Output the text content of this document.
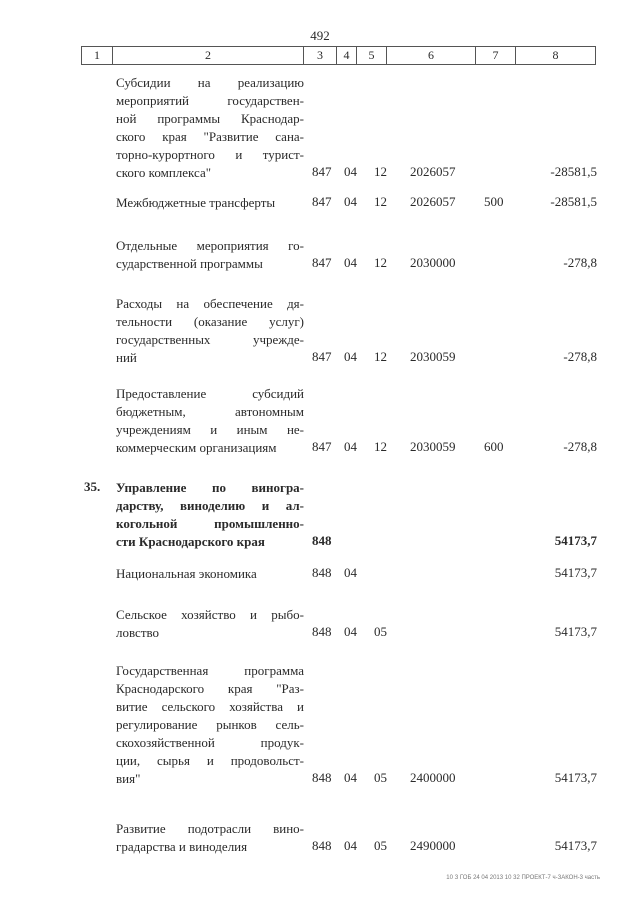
492
1	2	3	4	5	6	7	8
Субсидии на реализацию
мероприятий государствен-
ной программы Краснодар-
ского края "Развитие сана-
торно-курортного и турист-
ского комплекса"	847 04 12 2026057	-28581,5
Межбюджетные трансферты	847 04 12 2026057 500	-28581,5
Отдельные мероприятия го-
сударственной программы	847 04 12 2030000	-278,8
Расходы на обеспечение дя-
тельности (оказание услуг)
государственных учрежде-
ний	847 04 12 2030059	-278,8
Предоставление субсидий
бюджетным, автономным
учреждениям и иным не-
коммерческим организациям	847 04 12 2030059 600	-278,8
35.	Управление по виногра-
дарству, виноделию и ал-
когольной промышленно-
сти Краснодарского края	848	54173,7
Национальная экономика	848 04	54173,7
Сельское хозяйство и рыбо-
ловство	848 04 05	54173,7
Государственная программа
Краснодарского края "Раз-
витие сельского хозяйства и
регулирование рынков сель-
скохозяйственной продук-
ции, сырья и продовольст-
вия"	848 04 05 2400000	54173,7
Развитие подотрасли вино-
градарства и виноделия	848 04 05 2490000	54173,7
10 З ГОБ 24 04 2013 10 32 ПРОЕКТ-7 ч-ЗАКОН-3 часть
